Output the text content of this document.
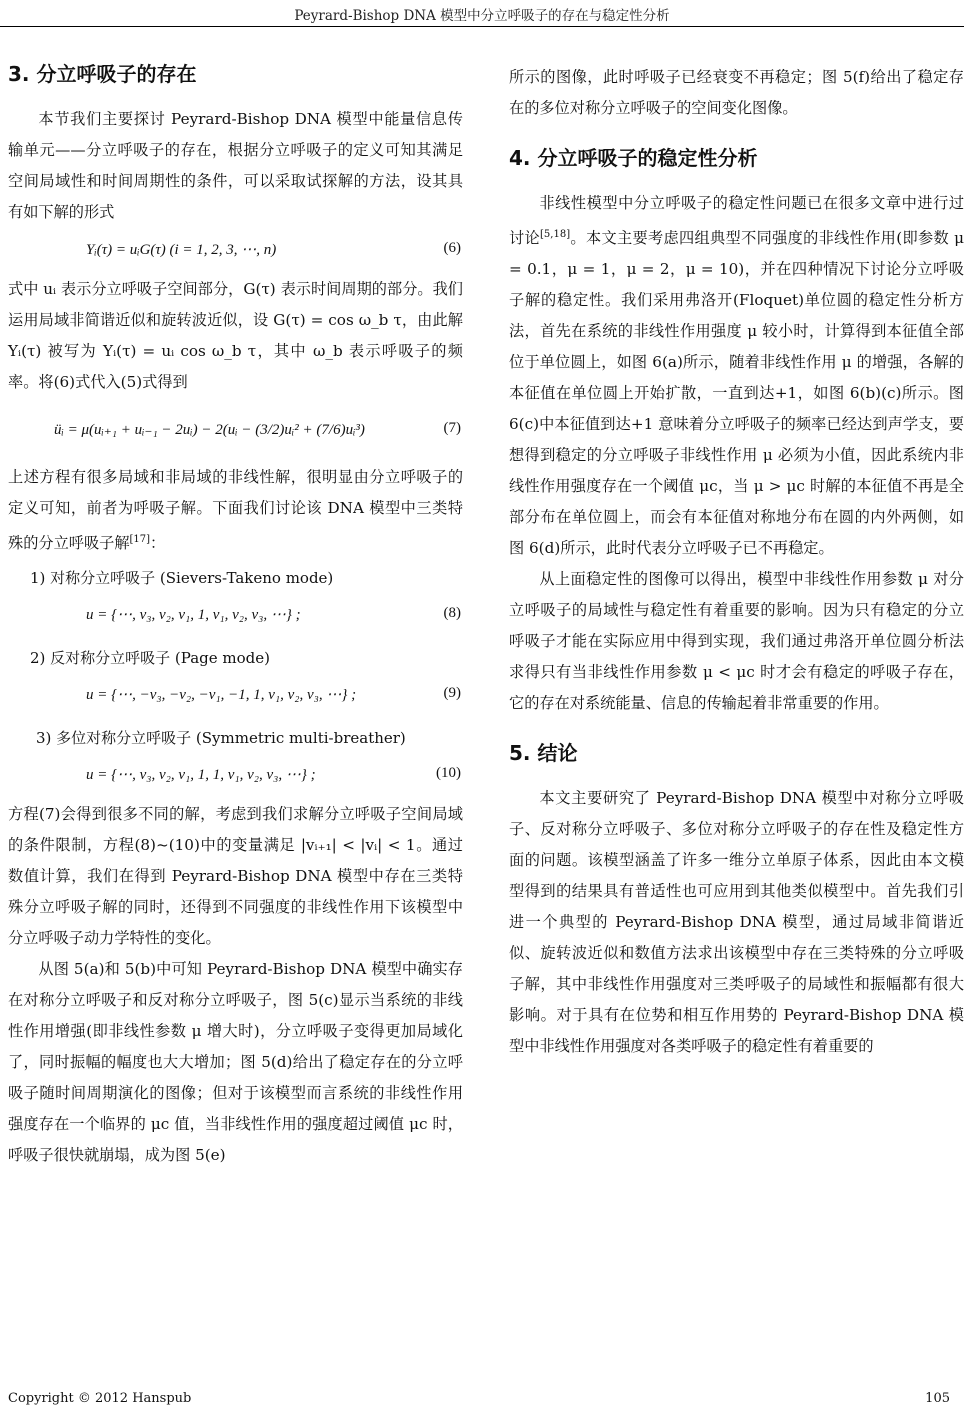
Peyrard-Bishop DNA 模型中分立呼吸子的存在与稳定性分析
3. 分立呼吸子的存在

本节我们主要探讨 Peyrard-Bishop DNA 模型中能量信息传输单元——分立呼吸子的存在，根据分立呼吸子的定义可知其满足空间局域性和时间周期性的条件，可以采取试探解的方法，设其具有如下解的形式

Yᵢ(τ) = uᵢG(τ) (i = 1, 2, 3, ⋯, n)	(6)

式中 uᵢ 表示分立呼吸子空间部分，G(τ) 表示时间周期的部分。我们运用局域非简谐近似和旋转波近似，设 G(τ) = cos ω_b τ，由此解 Yᵢ(τ) 被写为 Yᵢ(τ) = uᵢ cos ω_b τ，其中 ω_b 表示呼吸子的频率。将(6)式代入(5)式得到

üᵢ = μ(uᵢ₊₁ + uᵢ₋₁ − 2uᵢ) − 2(uᵢ − (3/2)uᵢ² + (7/6)uᵢ³)	(7)

上述方程有很多局域和非局域的非线性解，很明显由分立呼吸子的定义可知，前者为呼吸子解。下面我们讨论该 DNA 模型中三类特殊的分立呼吸子解[17]：

1) 对称分立呼吸子 (Sievers-Takeno mode)
u = {⋯, v₃, v₂, v₁, 1, v₁, v₂, v₃, ⋯} ;	(8)
2) 反对称分立呼吸子 (Page mode)
u = {⋯, −v₃, −v₂, −v₁, −1, 1, v₁, v₂, v₃, ⋯} ;	(9)
3) 多位对称分立呼吸子 (Symmetric multi-breather)
u = {⋯, v₃, v₂, v₁, 1, 1, v₁, v₂, v₃, ⋯} ;	(10)

方程(7)会得到很多不同的解，考虑到我们求解分立呼吸子空间局域的条件限制，方程(8)~(10)中的变量满足 |vᵢ₊₁| < |vᵢ| < 1。通过数值计算，我们在得到 Peyrard-Bishop DNA 模型中存在三类特殊分立呼吸子解的同时，还得到不同强度的非线性作用下该模型中分立呼吸子动力学特性的变化。

从图 5(a)和 5(b)中可知 Peyrard-Bishop DNA 模型中确实存在对称分立呼吸子和反对称分立呼吸子，图 5(c)显示当系统的非线性作用增强(即非线性参数 μ 增大时)，分立呼吸子变得更加局域化了，同时振幅的幅度也大大增加；图 5(d)给出了稳定存在的分立呼吸子随时间周期演化的图像；但对于该模型而言系统的非线性作用强度存在一个临界的 μc 值，当非线性作用的强度超过阈值 μc 时，呼吸子很快就崩塌，成为图 5(e)

所示的图像，此时呼吸子已经衰变不再稳定；图 5(f)给出了稳定存在的多位对称分立呼吸子的空间变化图像。

4. 分立呼吸子的稳定性分析

非线性模型中分立呼吸子的稳定性问题已在很多文章中进行过讨论[5,18]。本文主要考虑四组典型不同强度的非线性作用(即参数 μ = 0.1，μ = 1，μ = 2，μ = 10)，并在四种情况下讨论分立呼吸子解的稳定性。我们采用弗洛开(Floquet)单位圆的稳定性分析方法，首先在系统的非线性作用强度 μ 较小时，计算得到本征值全部位于单位圆上，如图 6(a)所示，随着非线性作用 μ 的增强，各解的本征值在单位圆上开始扩散，一直到达+1，如图 6(b)(c)所示。图 6(c)中本征值到达+1 意味着分立呼吸子的频率已经达到声学支，要想得到稳定的分立呼吸子非线性作用 μ 必须为小值，因此系统内非线性作用强度存在一个阈值 μc，当 μ > μc 时解的本征值不再是全部分布在单位圆上，而会有本征值对称地分布在圆的内外两侧，如图 6(d)所示，此时代表分立呼吸子已不再稳定。

从上面稳定性的图像可以得出，模型中非线性作用参数 μ 对分立呼吸子的局域性与稳定性有着重要的影响。因为只有稳定的分立呼吸子才能在实际应用中得到实现，我们通过弗洛开单位圆分析法求得只有当非线性作用参数 μ < μc 时才会有稳定的呼吸子存在，它的存在对系统能量、信息的传输起着非常重要的作用。

5. 结论

本文主要研究了 Peyrard-Bishop DNA 模型中对称分立呼吸子、反对称分立呼吸子、多位对称分立呼吸子的存在性及稳定性方面的问题。该模型涵盖了许多一维分立单原子体系，因此由本文模型得到的结果具有普适性也可应用到其他类似模型中。首先我们引进一个典型的 Peyrard-Bishop DNA 模型，通过局域非简谐近似、旋转波近似和数值方法求出该模型中存在三类特殊的分立呼吸子解，其中非线性作用强度对三类呼吸子的局域性和振幅都有很大影响。对于具有在位势和相互作用势的 Peyrard-Bishop DNA 模型中非线性作用强度对各类呼吸子的稳定性有着重要的

Copyright © 2012 Hanspub	105
